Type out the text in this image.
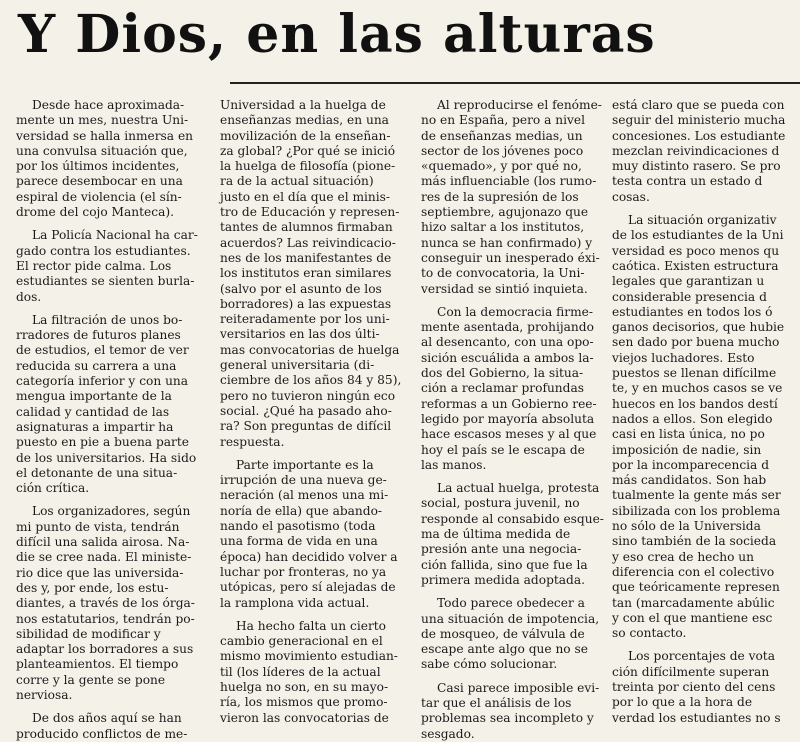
Y Dios, en las alturas

Desde hace aproximada-
mente un mes, nuestra Uni-
versidad se halla inmersa en
una convulsa situación que,
por los últimos incidentes,
parece desembocar en una
espiral de violencia (el sín-
drome del cojo Manteca).

La Policía Nacional ha car-
gado contra los estudiantes.
El rector pide calma. Los
estudiantes se sienten burla-
dos.

La filtración de unos bo-
rradores de futuros planes
de estudios, el temor de ver
reducida su carrera a una
categoría inferior y con una
mengua importante de la
calidad y cantidad de las
asignaturas a impartir ha
puesto en pie a buena parte
de los universitarios. Ha sido
el detonante de una situa-
ción crítica.

Los organizadores, según
mi punto de vista, tendrán
difícil una salida airosa. Na-
die se cree nada. El ministe-
rio dice que las universida-
des y, por ende, los estu-
diantes, a través de los órga-
nos estatutarios, tendrán po-
sibilidad de modificar y
adaptar los borradores a sus
planteamientos. El tiempo
corre y la gente se pone
nerviosa.

De dos años aquí se han
producido conflictos de me-

Universidad a la huelga de
enseñanzas medias, en una
movilización de la enseñan-
za global? ¿Por qué se inició
la huelga de filosofía (pione-
ra de la actual situación)
justo en el día que el minis-
tro de Educación y represen-
tantes de alumnos firmaban
acuerdos? Las reivindicacio-
nes de los manifestantes de
los institutos eran similares
(salvo por el asunto de los
borradores) a las expuestas
reiteradamente por los uni-
versitarios en las dos últi-
mas convocatorias de huelga
general universitaria (di-
ciembre de los años 84 y 85),
pero no tuvieron ningún eco
social. ¿Qué ha pasado aho-
ra? Son preguntas de difícil
respuesta.

Parte importante es la
irrupción de una nueva ge-
neración (al menos una mi-
noría de ella) que abando-
nando el pasotismo (toda
una forma de vida en una
época) han decidido volver a
luchar por fronteras, no ya
utópicas, pero sí alejadas de
la ramplona vida actual.

Ha hecho falta un cierto
cambio generacional en el
mismo movimiento estudian-
til (los líderes de la actual
huelga no son, en su mayo-
ría, los mismos que promo-
vieron las convocatorias de

Al reproducirse el fenóme-
no en España, pero a nivel
de enseñanzas medias, un
sector de los jóvenes poco
«quemado», y por qué no,
más influenciable (los rumo-
res de la supresión de los
septiembre, agujonazo que
hizo saltar a los institutos,
nunca se han confirmado) y
conseguir un inesperado éxi-
to de convocatoria, la Uni-
versidad se sintió inquieta.

Con la democracia firme-
mente asentada, prohijando
al desencanto, con una opo-
sición escuálida a ambos la-
dos del Gobierno, la situa-
ción a reclamar profundas
reformas a un Gobierno ree-
legido por mayoría absoluta
hace escasos meses y al que
hoy el país se le escapa de
las manos.

La actual huelga, protesta
social, postura juvenil, no
responde al consabido esque-
ma de última medida de
presión ante una negocia-
ción fallida, sino que fue la
primera medida adoptada.

Todo parece obedecer a
una situación de impotencia,
de mosqueo, de válvula de
escape ante algo que no se
sabe cómo solucionar.

Casi parece imposible evi-
tar que el análisis de los
problemas sea incompleto y
sesgado.

está claro que se pueda con
seguir del ministerio mucha
concesiones. Los estudiante
mezclan reivindicaciones d
muy distinto rasero. Se pro
testa contra un estado d
cosas.

La situación organizativ
de los estudiantes de la Uni
versidad es poco menos qu
caótica. Existen estructura
legales que garantizan u
considerable presencia d
estudiantes en todos los ó
ganos decisorios, que hubie
sen dado por buena mucho
viejos luchadores. Esto
puestos se llenan difícilme
te, y en muchos casos se ve
huecos en los bandos destí
nados a ellos. Son elegido
casi en lista única, no po
imposición de nadie, sin
por la incomparecencia d
más candidatos. Son hab
tualmente la gente más ser
sibilizada con los problema
no sólo de la Universida
sino también de la socieda
y eso crea de hecho un
diferencia con el colectivo
que teóricamente represen
tan (marcadamente abúlic
y con el que mantiene esc
so contacto.

Los porcentajes de vota
ción difícilmente superan
treinta por ciento del cens
por lo que a la hora de
verdad los estudiantes no s
